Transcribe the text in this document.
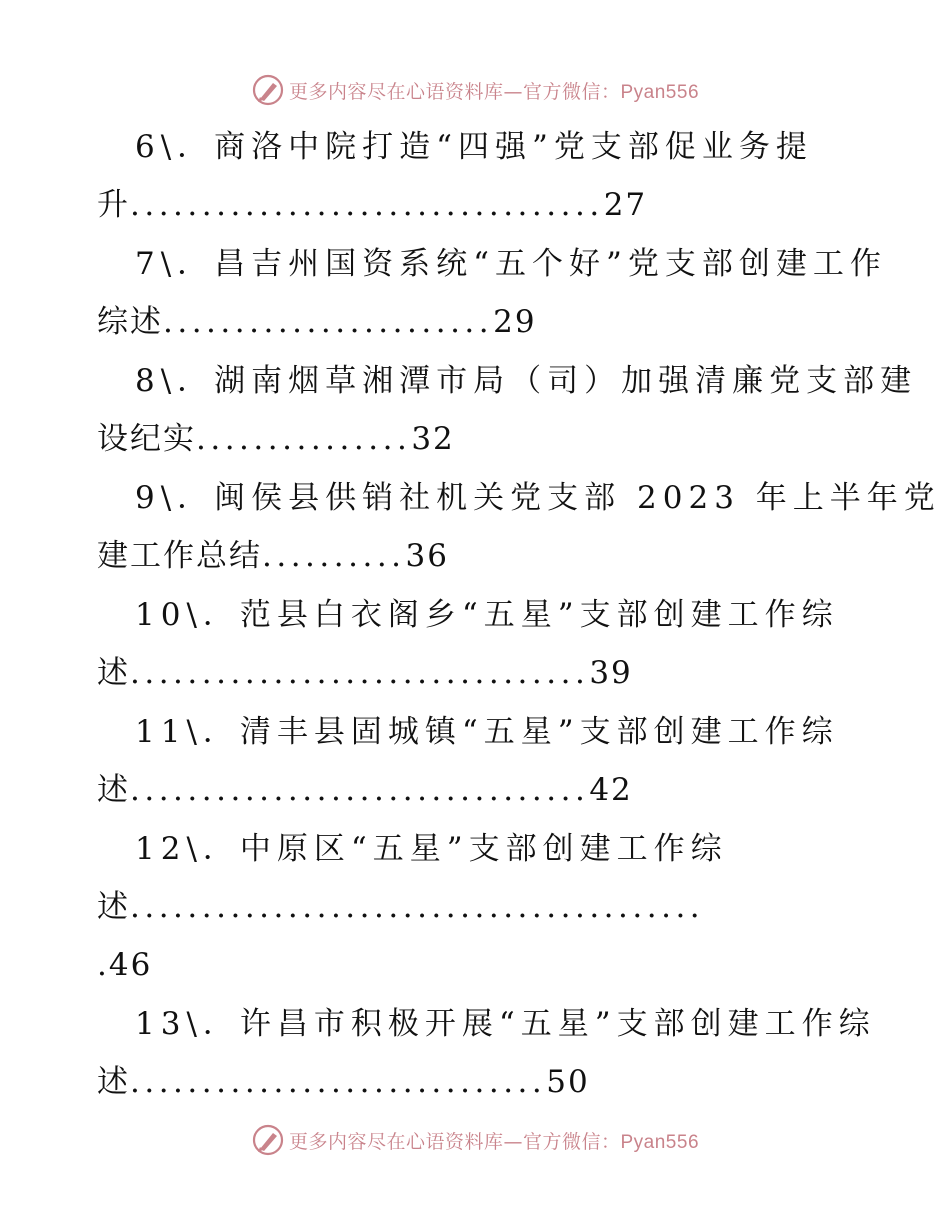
更多内容尽在心语资料库—官方微信：Pyan556
6\．商洛中院打造“四强”党支部促业务提
升.................................27
7\．昌吉州国资系统“五个好”党支部创建工作
综述.......................29
8\．湖南烟草湘潭市局（司）加强清廉党支部建
设纪实...............32
9\．闽侯县供销社机关党支部 2023 年上半年党
建工作总结..........36
10\．范县白衣阁乡“五星”支部创建工作综
述................................39
11\．清丰县固城镇“五星”支部创建工作综
述................................42
12\．中原区“五星”支部创建工作综
述........................................
.46
13\．许昌市积极开展“五星”支部创建工作综
述.............................50
更多内容尽在心语资料库—官方微信：Pyan556
